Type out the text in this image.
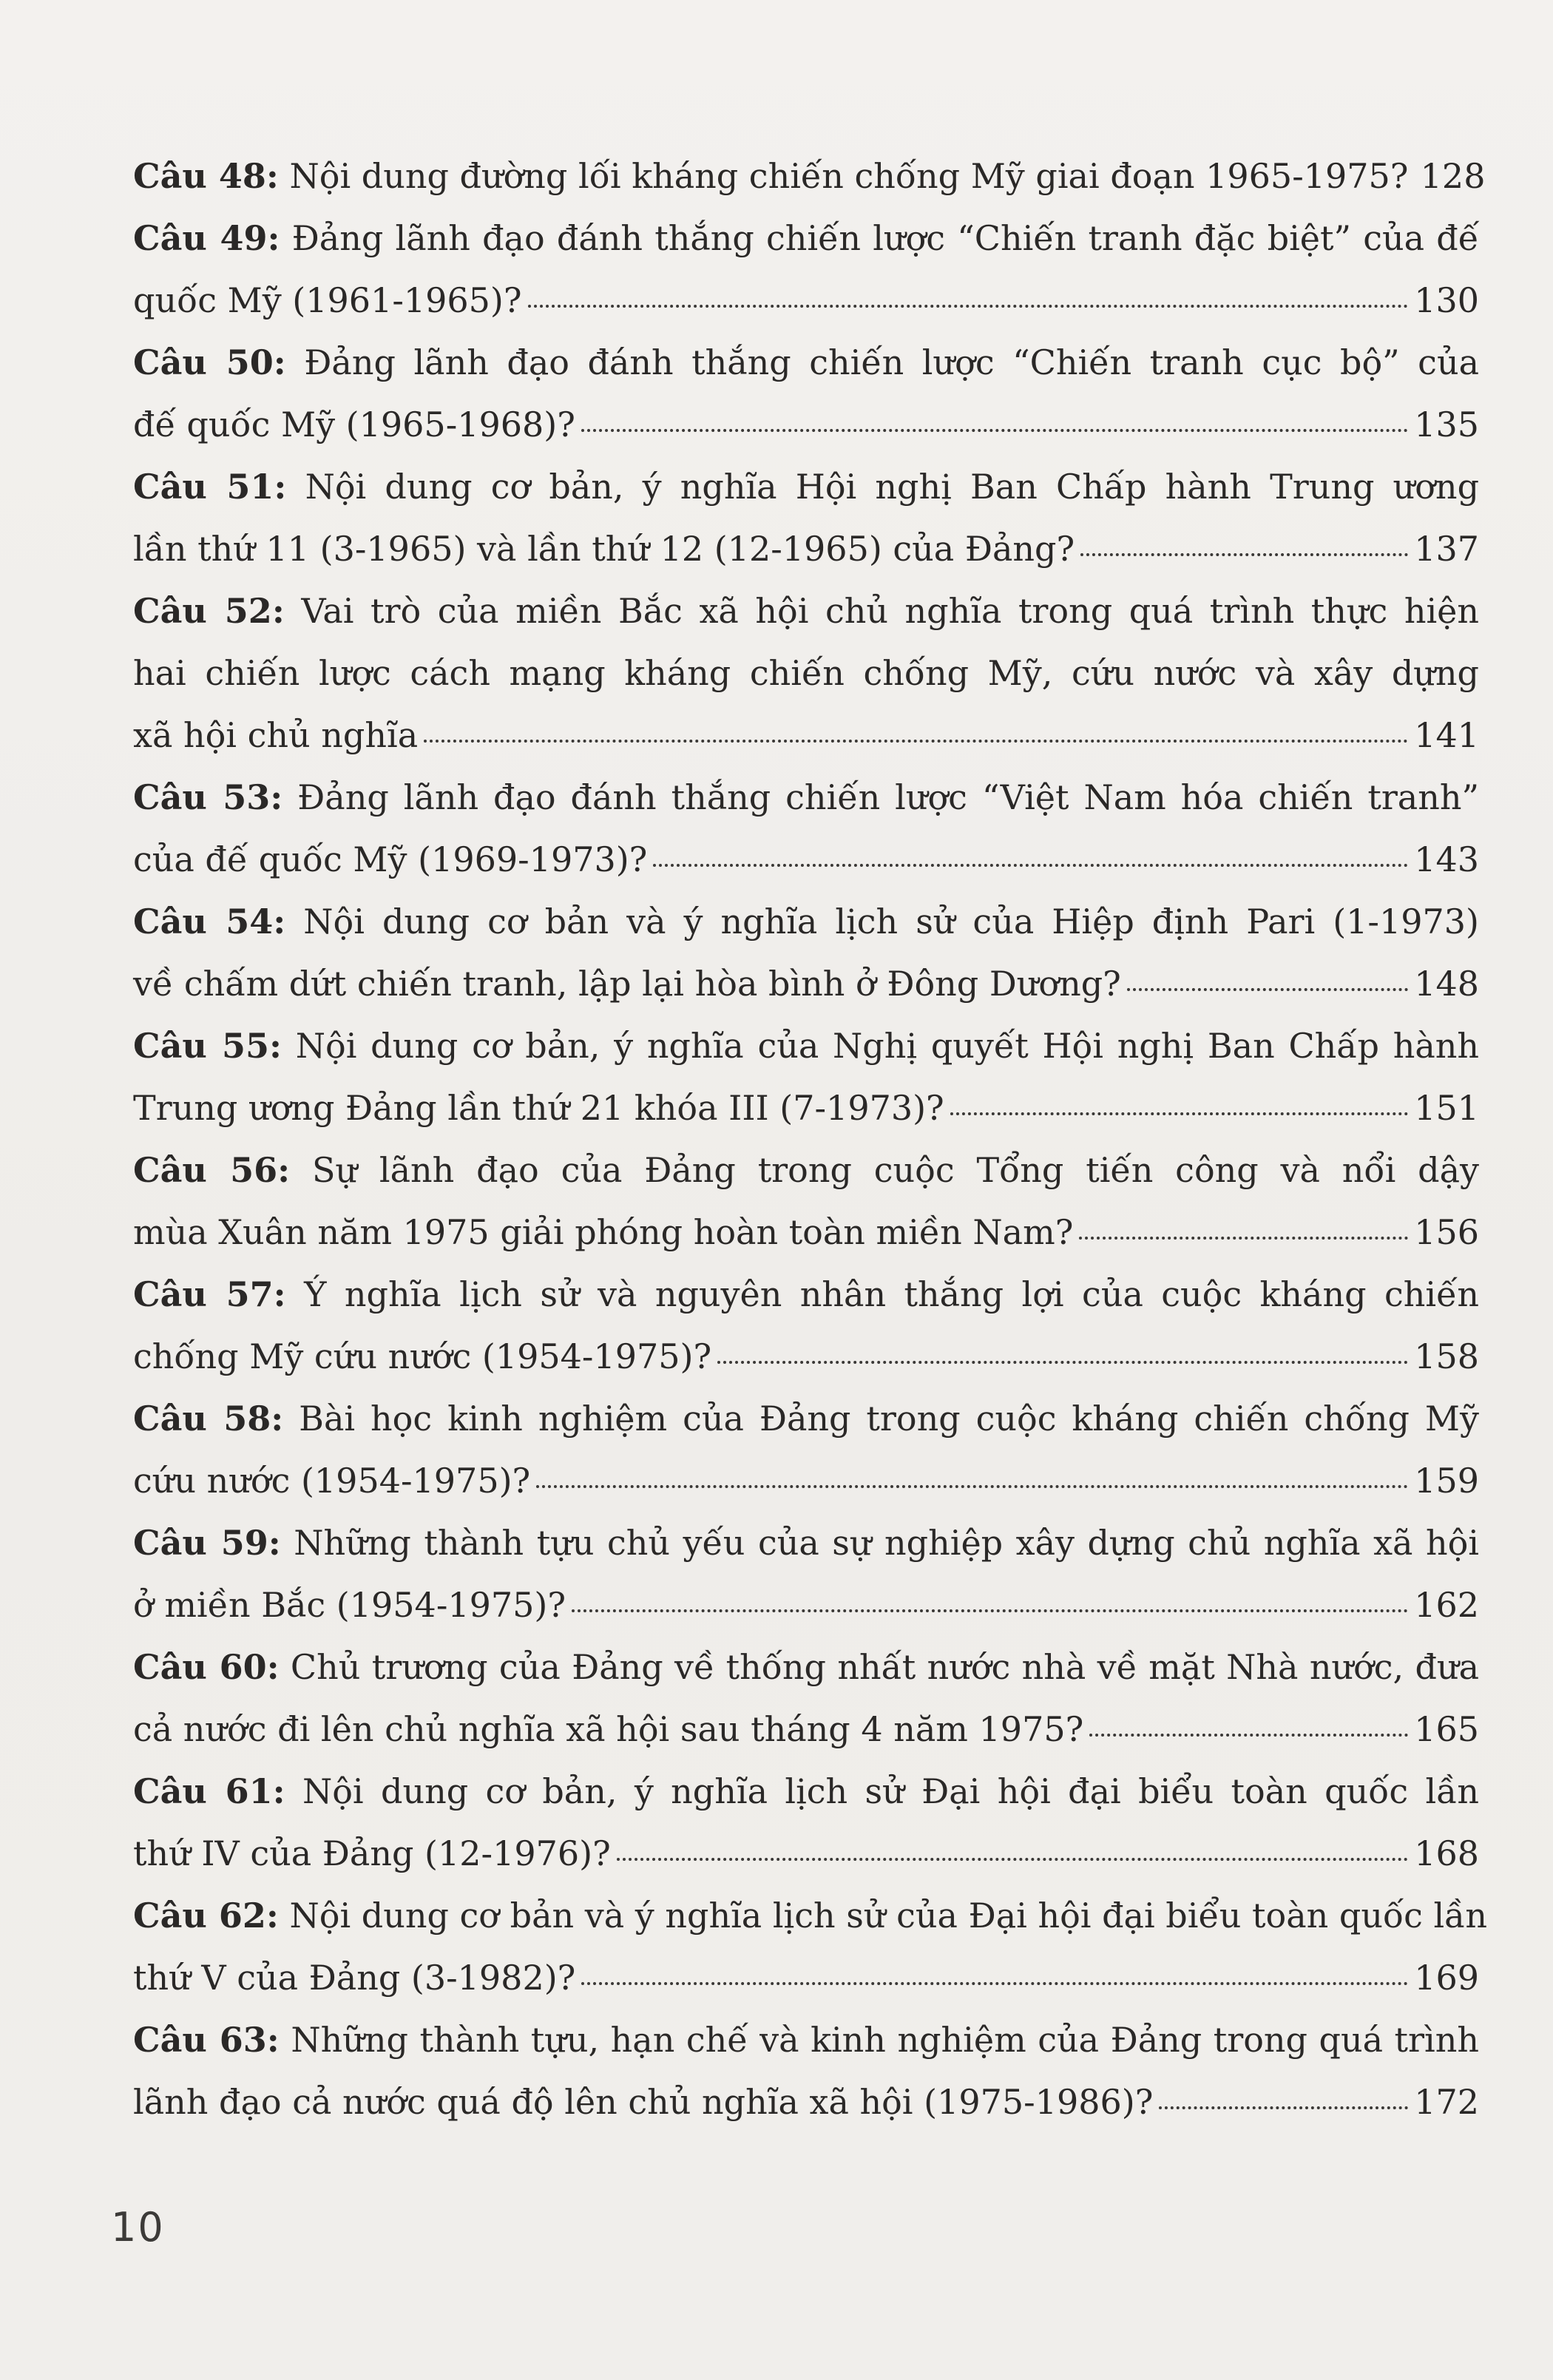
Câu 48: Nội dung đường lối kháng chiến chống Mỹ giai đoạn 1965-1975? 128
Câu 49: Đảng lãnh đạo đánh thắng chiến lược “Chiến tranh đặc biệt” của đế
quốc Mỹ (1961-1965)?	130
Câu 50: Đảng lãnh đạo đánh thắng chiến lược “Chiến tranh cục bộ” của
đế quốc Mỹ (1965-1968)?	135
Câu 51: Nội dung cơ bản, ý nghĩa Hội nghị Ban Chấp hành Trung ương
lần thứ 11 (3-1965) và lần thứ 12 (12-1965) của Đảng?	137
Câu 52: Vai trò của miền Bắc xã hội chủ nghĩa trong quá trình thực hiện
hai chiến lược cách mạng kháng chiến chống Mỹ, cứu nước và xây dựng
xã hội chủ nghĩa	141
Câu 53: Đảng lãnh đạo đánh thắng chiến lược “Việt Nam hóa chiến tranh”
của đế quốc Mỹ (1969-1973)?	143
Câu 54: Nội dung cơ bản và ý nghĩa lịch sử của Hiệp định Pari (1-1973)
về chấm dứt chiến tranh, lập lại hòa bình ở Đông Dương?	148
Câu 55: Nội dung cơ bản, ý nghĩa của Nghị quyết Hội nghị Ban Chấp hành
Trung ương Đảng lần thứ 21 khóa III (7-1973)?	151
Câu 56: Sự lãnh đạo của Đảng trong cuộc Tổng tiến công và nổi dậy
mùa Xuân năm 1975 giải phóng hoàn toàn miền Nam?	156
Câu 57: Ý nghĩa lịch sử và nguyên nhân thắng lợi của cuộc kháng chiến
chống Mỹ cứu nước (1954-1975)?	158
Câu 58: Bài học kinh nghiệm của Đảng trong cuộc kháng chiến chống Mỹ
cứu nước (1954-1975)?	159
Câu 59: Những thành tựu chủ yếu của sự nghiệp xây dựng chủ nghĩa xã hội
ở miền Bắc (1954-1975)?	162
Câu 60: Chủ trương của Đảng về thống nhất nước nhà về mặt Nhà nước, đưa
cả nước đi lên chủ nghĩa xã hội sau tháng 4 năm 1975?	165
Câu 61: Nội dung cơ bản, ý nghĩa lịch sử Đại hội đại biểu toàn quốc lần
thứ IV của Đảng (12-1976)?	168
Câu 62: Nội dung cơ bản và ý nghĩa lịch sử của Đại hội đại biểu toàn quốc lần
thứ V của Đảng (3-1982)?	169
Câu 63: Những thành tựu, hạn chế và kinh nghiệm của Đảng trong quá trình
lãnh đạo cả nước quá độ lên chủ nghĩa xã hội (1975-1986)?	172
10
